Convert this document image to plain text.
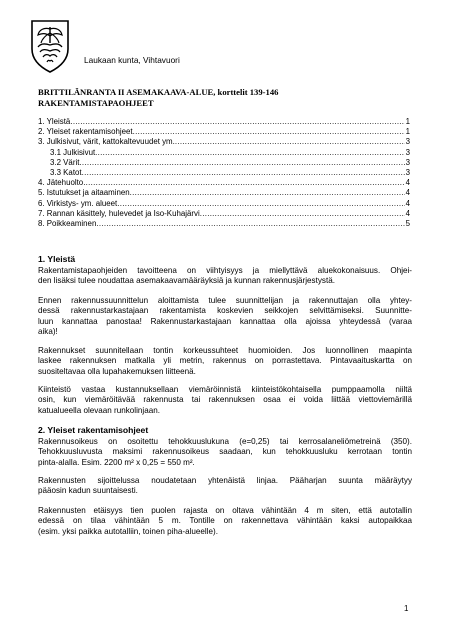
Laukaan kunta, Vihtavuori
BRITTILÄNRANTA II ASEMAKAAVA-ALUE, korttelit 139-146
RAKENTAMISTAPAOHJEET
1. Yleistä .....	1
2. Yleiset rakentamisohjeet .....	1
3. Julkisivut, värit, kattokaltevuudet ym. .....	3
3.1 Julkisivut .....	3
3.2 Värit .....	3
3.3 Katot .....	3
4. Jätehuolto .....	4
5. Istutukset ja aitaaminen .....	4
6. Virkistys- ym. alueet .....	4
7. Rannan käsittely, hulevedet ja Iso-Kuhajärvi .....	4
8. Poikkeaminen .....	5
1. Yleistä
Rakentamistapaohjeiden tavoitteena on viihtyisyys ja miellyttävä aluekokonaisuus. Ohjei-
den lisäksi tulee noudattaa asemakaavamääräyksiä ja kunnan rakennusjärjestystä.
Ennen rakennussuunnittelun aloittamista tulee suunnittelijan ja rakennuttajan olla yhtey-
dessä rakennustarkastajaan rakentamista koskevien seikkojen selvittämiseksi. Suunnitte-
luun kannattaa panostaa! Rakennustarkastajaan kannattaa olla ajoissa yhteydessä (varaa
aika)!
Rakennukset suunnitellaan tontin korkeussuhteet huomioiden. Jos luonnollinen maapinta
laskee rakennuksen matkalla yli metrin, rakennus on porrastettava. Pintavaaituskartta on
suositeltavaa olla lupahakemuksen liitteenä.
Kiinteistö vastaa kustannuksellaan viemäröinnistä kiinteistökohtaisella pumppaamolla niiltä
osin, kun viemäröitävää rakennusta tai rakennuksen osaa ei voida liittää viettoviemärillä
katualueella olevaan runkolinjaan.
2. Yleiset rakentamisohjeet
Rakennusoikeus on osoitettu tehokkuuslukuna (e=0,25) tai kerrosalaneliömetreinä (350).
Tehokkuusluvusta maksimi rakennusoikeus saadaan, kun tehokkuusluku kerrotaan tontin
pinta-alalla. Esim. 2200 m² x 0,25 = 550 m².
Rakennusten sijoittelussa noudatetaan yhtenäistä linjaa. Pääharjan suunta määräytyy
pääosin kadun suuntaisesti.
Rakennusten etäisyys tien puolen rajasta on oltava vähintään 4 m siten, että autotallin
edessä on tilaa vähintään 5 m. Tontille on rakennettava vähintään kaksi autopaikkaa
(esim. yksi paikka autotalliin, toinen piha-alueelle).
1
